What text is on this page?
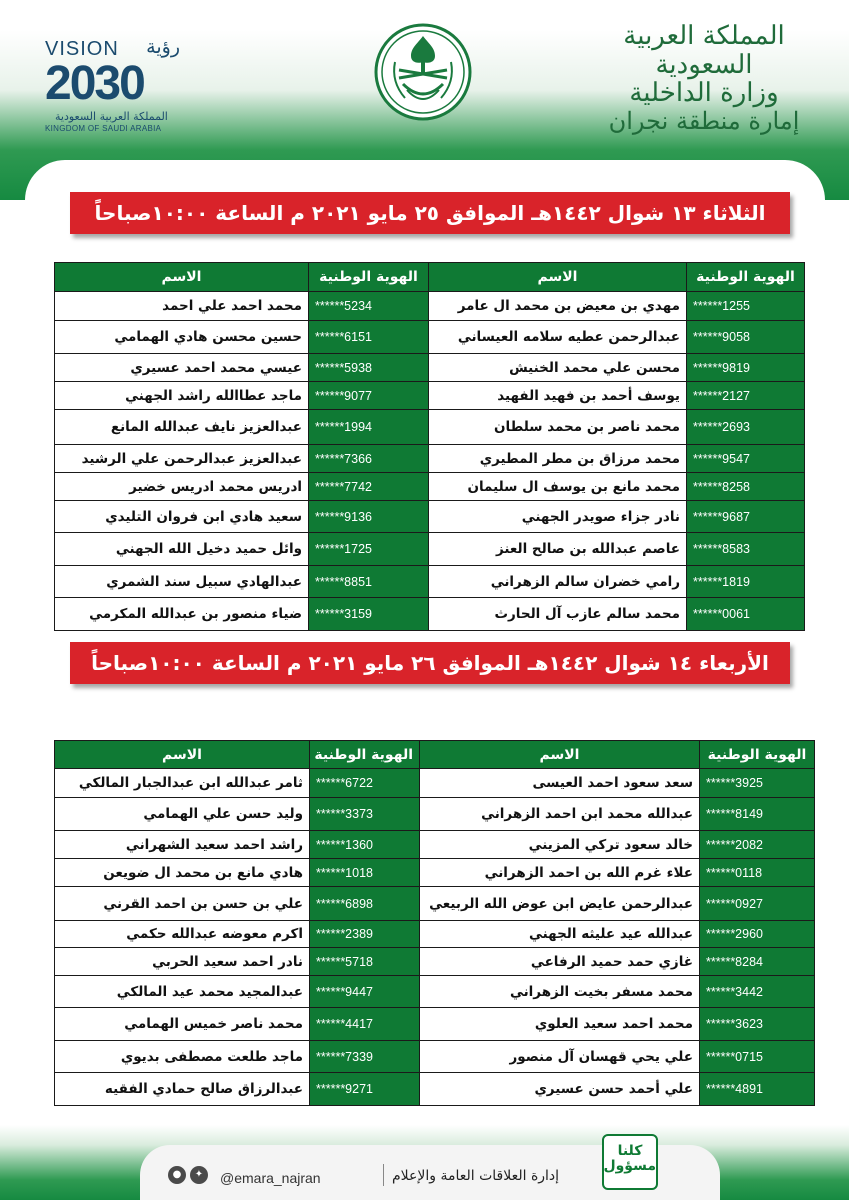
VISION رؤية
2030
المملكة العربية السعودية
KINGDOM OF SAUDI ARABIA
المملكة العربية السعودية
وزارة الداخلية
إمارة منطقة نجران
الثلاثاء ١٣ شوال ١٤٤٢هـ الموافق ٢٥ مايو ٢٠٢١ م الساعة ١٠:٠٠صباحاً
الهوية الوطنية	الاسم	الهوية الوطنية	الاسم
******1255	مهدي بن معيض بن محمد ال عامر	******5234	محمد احمد علي احمد
******9058	عبدالرحمن عطيه سلامه العيساني	******6151	حسين محسن هادي الهمامي
******9819	محسن علي محمد الخنيش	******5938	عيسي محمد احمد عسيري
******2127	يوسف أحمد بن فهيد الفهيد	******9077	ماجد عطاالله راشد الجهني
******2693	محمد ناصر بن محمد سلطان	******1994	عبدالعزيز نايف عبدالله المانع
******9547	محمد مرزاق بن مطر المطيري	******7366	عبدالعزيز عبدالرحمن علي الرشيد
******8258	محمد مانع بن يوسف ال سليمان	******7742	ادريس محمد ادريس خضير
******9687	نادر جزاء صويدر الجهني	******9136	سعيد هادي ابن فروان التليدي
******8583	عاصم عبدالله بن صالح العنز	******1725	وائل حميد دخيل الله الجهني
******1819	رامي خضران سالم الزهراني	******8851	عبدالهادي سبيل سند الشمري
******0061	محمد سالم عازب آل الحارث	******3159	ضياء منصور بن عبدالله المكرمي
الأربعاء ١٤ شوال ١٤٤٢هـ الموافق ٢٦ مايو ٢٠٢١ م الساعة ١٠:٠٠صباحاً
الهوية الوطنية	الاسم	الهوية الوطنية	الاسم
******3925	سعد سعود احمد العيسى	******6722	ثامر عبدالله ابن عبدالجبار المالكي
******8149	عبدالله محمد ابن احمد الزهراني	******3373	وليد حسن علي الهمامي
******2082	خالد سعود تركي المزيني	******1360	راشد احمد سعيد الشهراني
******0118	علاء غرم الله بن احمد الزهراني	******1018	هادي مانع بن محمد ال ضويعن
******0927	عبدالرحمن عايض ابن عوض الله الربيعي	******6898	علي بن حسن بن احمد القرني
******2960	عبدالله عيد عليثه الجهني	******2389	اكرم معوضه عبدالله حكمي
******8284	غازي حمد حميد الرفاعي	******5718	نادر احمد سعيد الحربي
******3442	محمد مسفر بخيت الزهراني	******9447	عبدالمجيد محمد عيد المالكي
******3623	محمد احمد سعيد العلوي	******4417	محمد ناصر خميس الهمامي
******0715	علي يحي قهسان آل منصور	******7339	ماجد طلعت مصطفى بديوي
******4891	علي أحمد حسن عسيري	******9271	عبدالرزاق صالح حمادي الفقيه
●	✦	@emara_najran	إدارة العلاقات العامة والإعلام
كلنا مسؤول
